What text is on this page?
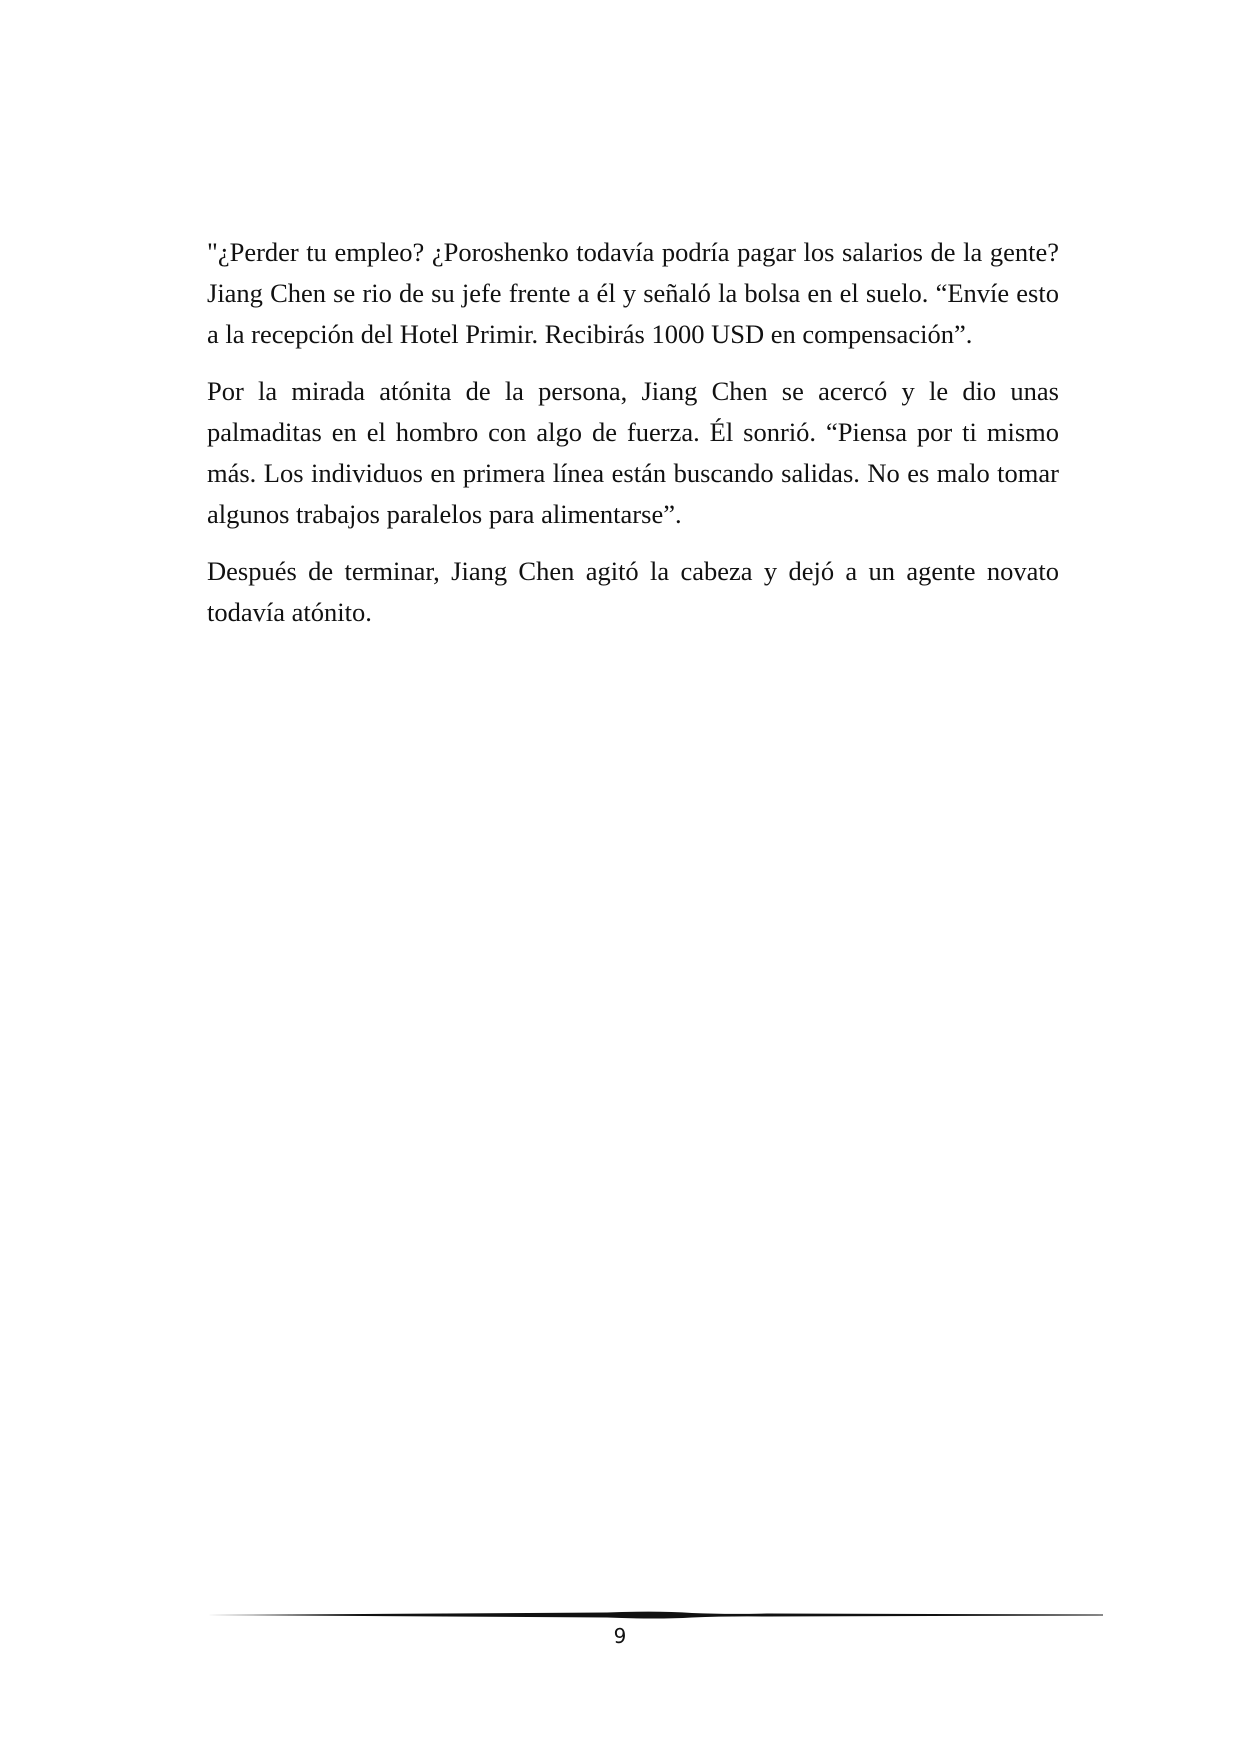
"¿Perder tu empleo? ¿Poroshenko todavía podría pagar los salarios de la gente? Jiang Chen se rio de su jefe frente a él y señaló la bolsa en el suelo. “Envíe esto a la recepción del Hotel Primir. Recibirás 1000 USD en compensación”.

Por la mirada atónita de la persona, Jiang Chen se acercó y le dio unas palmaditas en el hombro con algo de fuerza. Él sonrió. “Piensa por ti mismo más. Los individuos en primera línea están buscando salidas. No es malo tomar algunos trabajos paralelos para alimentarse”.

Después de terminar, Jiang Chen agitó la cabeza y dejó a un agente novato todavía atónito.

9
